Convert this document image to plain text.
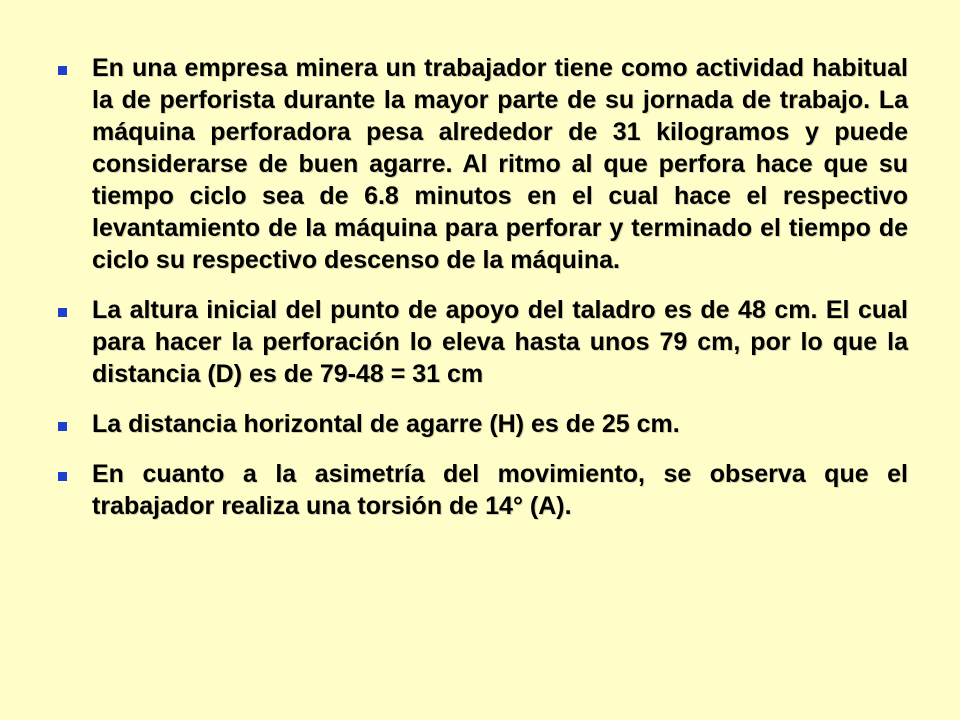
En una empresa minera un trabajador tiene como actividad habitual la de perforista durante la mayor parte de su jornada de trabajo. La máquina perforadora pesa alrededor de 31 kilogramos y puede considerarse de buen agarre. Al ritmo al que perfora hace que su tiempo ciclo sea de 6.8 minutos en el cual hace el respectivo levantamiento de la máquina para perforar y terminado el tiempo de ciclo su respectivo descenso de la máquina.
La altura inicial del punto de apoyo del taladro es de 48 cm. El cual para hacer la perforación lo eleva hasta unos 79 cm, por lo que la distancia (D) es de 79-48 = 31 cm
La distancia horizontal de agarre (H) es de 25 cm.
En cuanto a la asimetría del movimiento, se observa que el trabajador realiza una torsión de 14° (A).
